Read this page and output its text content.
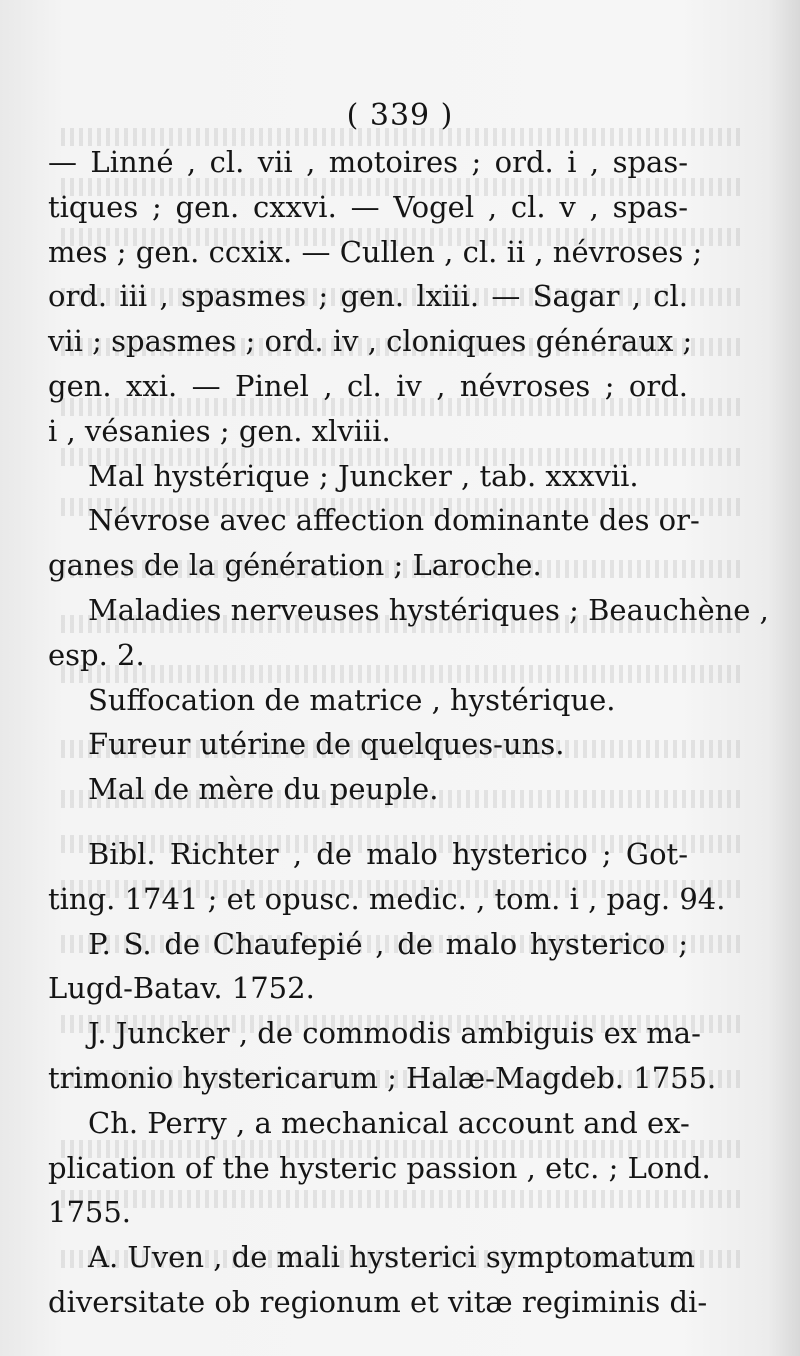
( 339 )
— Linné , cl. vii , motoires ; ord. i , spas-
tiques ; gen. cxxvi. — Vogel , cl. v , spas-
mes ; gen. ccxix. — Cullen , cl. ii , névroses ;
ord. iii , spasmes ; gen. lxiii. — Sagar , cl.
vii ; spasmes ; ord. iv , cloniques généraux ;
gen. xxi. — Pinel , cl. iv , névroses ; ord.
i , vésanies ; gen. xlviii.
Mal hystérique ; Juncker , tab. xxxvii.
Névrose avec affection dominante des or-
ganes de la génération ; Laroche.
Maladies nerveuses hystériques ; Beauchène ,
esp. 2.
Suffocation de matrice , hystérique.
Fureur utérine de quelques-uns.
Mal de mère du peuple.
Bibl. Richter , de malo hysterico ; Got-
ting. 1741 ; et opusc. medic. , tom. i , pag. 94.
P. S. de Chaufepié , de malo hysterico ;
Lugd-Batav. 1752.
J. Juncker , de commodis ambiguis ex ma-
trimonio hystericarum ; Halæ-Magdeb. 1755.
Ch. Perry , a mechanical account and ex-
plication of the hysteric passion , etc. ; Lond.
1755.
A. Uven , de mali hysterici symptomatum
diversitate ob regionum et vitæ regiminis di-
